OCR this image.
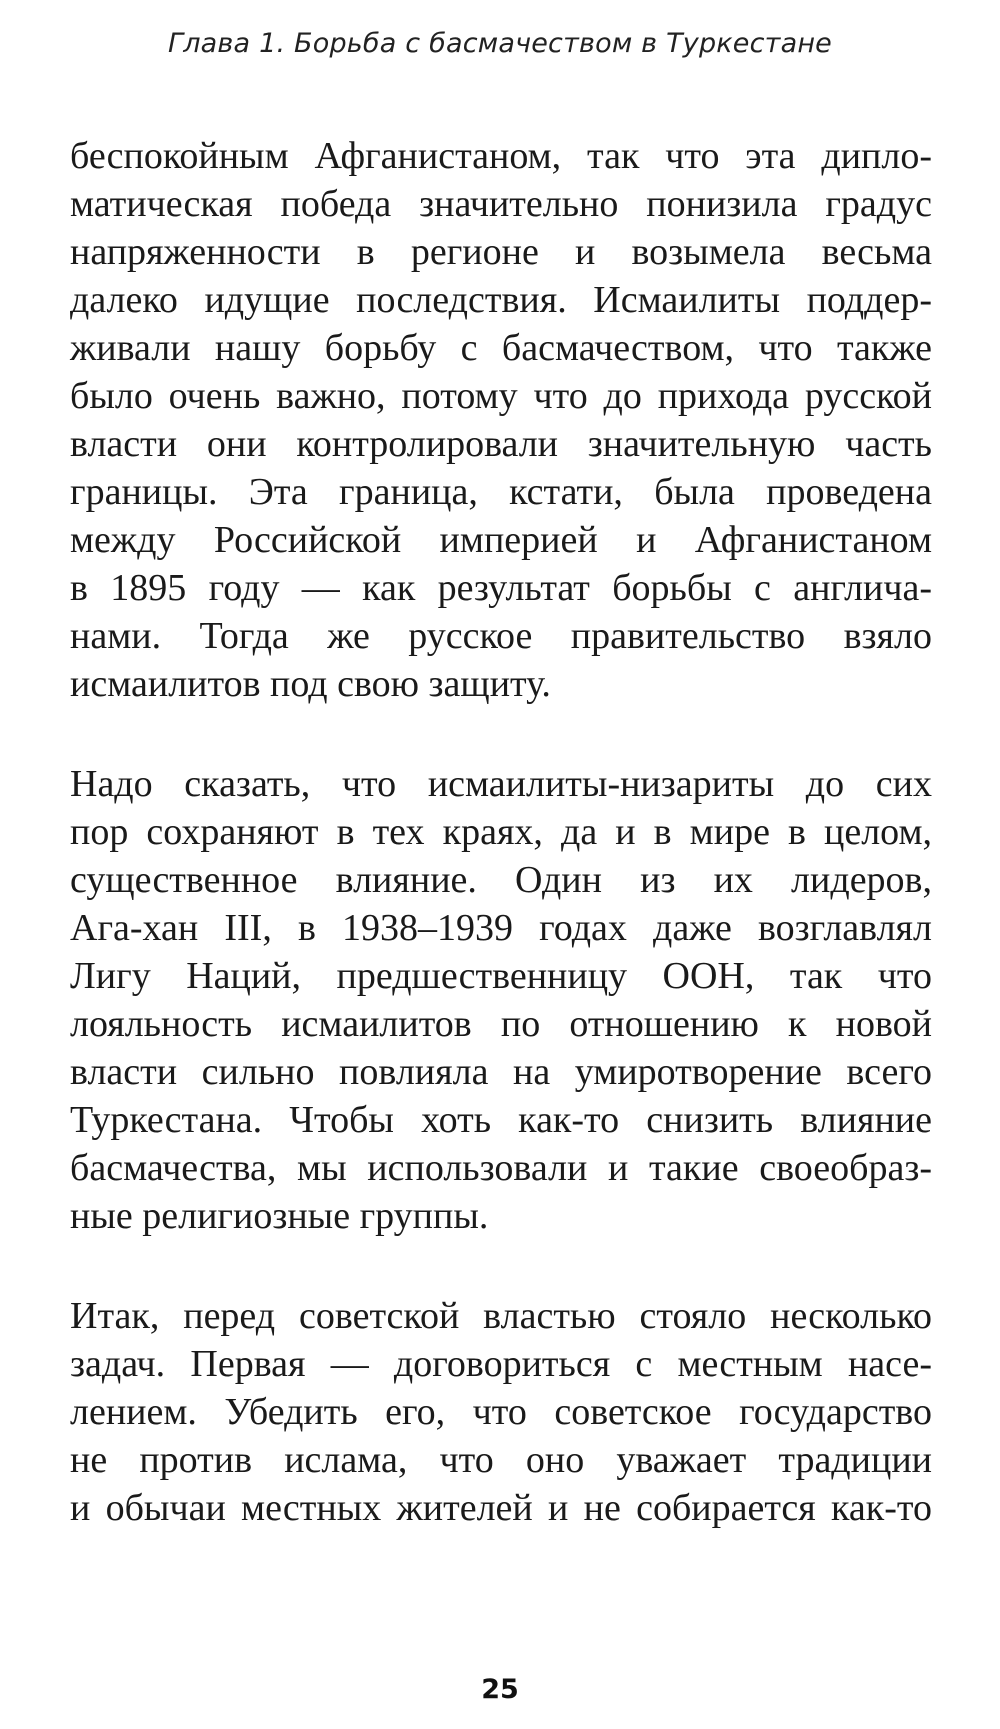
Глава 1. Борьба с басмачеством в Туркестане
беспокойным Афганистаном, так что эта дипло-
матическая победа значительно понизила градус
напряженности в регионе и возымела весьма
далеко идущие последствия. Исмаилиты поддер-
живали нашу борьбу с басмачеством, что также
было очень важно, потому что до прихода русской
власти они контролировали значительную часть
границы. Эта граница, кстати, была проведена
между Российской империей и Афганистаном
в 1895 году — как результат борьбы с англича-
нами. Тогда же русское правительство взяло
исмаилитов под свою защиту.
Надо сказать, что исмаилиты-низариты до сих
пор сохраняют в тех краях, да и в мире в целом,
существенное влияние. Один из их лидеров,
Ага-хан III, в 1938–1939 годах даже возглавлял
Лигу Наций, предшественницу ООН, так что
лояльность исмаилитов по отношению к новой
власти сильно повлияла на умиротворение всего
Туркестана. Чтобы хоть как-то снизить влияние
басмачества, мы использовали и такие своеобраз-
ные религиозные группы.
Итак, перед советской властью стояло несколько
задач. Первая — договориться с местным насе-
лением. Убедить его, что советское государство
не против ислама, что оно уважает традиции
и обычаи местных жителей и не собирается как-то
25
